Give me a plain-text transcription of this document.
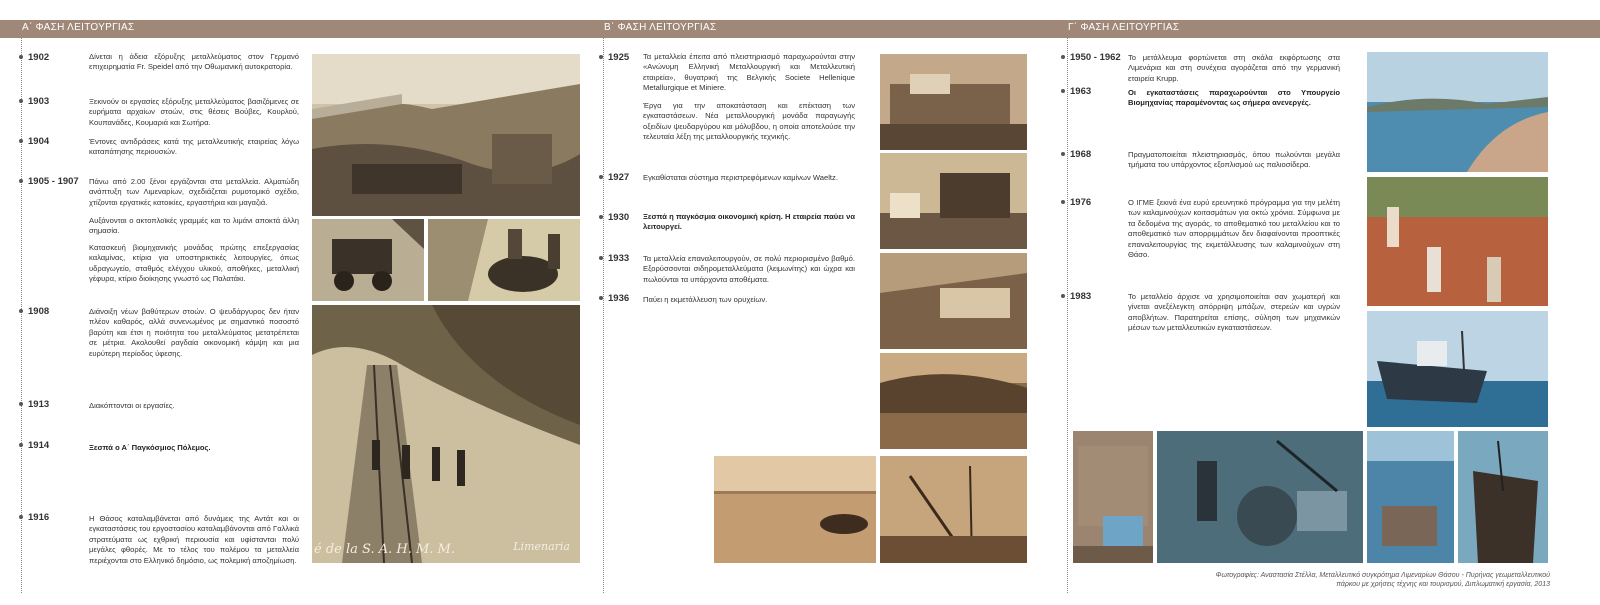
Α΄ ΦΑΣΗ ΛΕΙΤΟΥΡΓΙΑΣ	Β΄ ΦΑΣΗ ΛΕΙΤΟΥΡΓΙΑΣ	Γ΄ ΦΑΣΗ ΛΕΙΤΟΥΡΓΙΑΣ
1902	Δίνεται η άδεια εξόρυξης μεταλλεύματος στον Γερμανό επιχειρηματία Fr. Speidel από την Οθωμανική αυτοκρατορία.
1903	Ξεκινούν οι εργασίες εξόρυξης μεταλλεύματος βασιζόμενες σε ευρήματα αρχαίων στοών, στις θέσεις Βούβες, Κουρλού, Κουπανάδες, Κουμαριά και Σωτήρα.
1904	Έντονες αντιδράσεις κατά της μεταλλευτικής εταιρείας λόγω καταπάτησης περιουσιών.
1905 - 1907 Πάνω από 2.00 ξένοι εργάζονται στα μεταλλεία. Αλματώδη ανάπτυξη των Λιμεναρίων, σχεδιάζεται ρυμοτομικό σχέδιο, χτίζονται εργατικές κατοικίες, εργαστήρια και μαγαζιά.
Αυξάνονται ο ακτοπλοϊκές γραμμές και το λιμάνι αποκτά άλλη σημασία.
Κατασκευή βιομηχανικής μονάδας πρώτης επεξεργασίας καλαμίνας, κτίρια για υποστηρικτικές λειτουργίες, όπως υδραγωγείο, σταθμός ελέγχου υλικού, αποθήκες, μεταλλική γέφυρα, κτίριο διοίκησης γνωστό ως Παλατάκι.
1908	Διάνοιξη νέων βαθύτερων στοών. Ο ψευδάργυρος δεν ήταν πλέον καθαρός, αλλά συνενωμένος με σημαντικό ποσοστό βαρύτη και έτσι η ποιότητα του μεταλλεύματος μετατρέπεται σε μέτρια. Ακολουθεί ραγδαία οικονομική κάμψη και μια ευρύτερη περίοδος ύφεσης.
1913	Διακόπτονται οι εργασίες.
1914	Ξεσπά ο Α΄ Παγκόσμιος Πόλεμος.
1916	Η Θάσος καταλαμβάνεται από δυνάμεις της Αντάτ και οι εγκαταστάσεις του εργοστασίου καταλαμβάνονται από Γαλλικά στρατεύματα ως εχθρική περιουσία και υφίστανται πολύ μεγάλες φθορές. Με το τέλος του πολέμου τα μεταλλεία περιέχονται στο Ελληνικό δημόσιο, ως πολεμική αποζημίωση.
é de la S. A. H. M. M.	Limenaria
1925 Τα μεταλλεία έπειτα από πλειστηριασμό παραχωρούνται στην «Ανώνυμη Ελληνική Μεταλλουργική και Μεταλλευτική εταιρεία», θυγατρική της Βελγικής Societe Hellenique Metallurgique et Miniere.
Έργα για την αποκατάσταση και επέκταση των εγκαταστάσεων. Νέα μεταλλουργική μονάδα παραγωγής οξειδίων ψευδαργύρου και μόλυβδου, η οποία αποτελούσε την τελευταία λέξη της μεταλλουργικής τεχνικής.
1927 Εγκαθίσταται σύστημα περιστρεφόμενων καμίνων Waeltz.
1930 Ξεσπά η παγκόσμια οικονομική κρίση. Η εταιρεία παύει να λειτουργεί.
1933 Τα μεταλλεία επαναλειτουργούν, σε πολύ περιορισμένο βαθμό. Εξορύσσονται σιδηρομεταλλεύματα (λειμωνίτης) και ώχρα και πωλούνται τα υπάρχοντα αποθέματα.
1936 Παύει η εκμετάλλευση των ορυχείων.
1950 - 1962 Το μετάλλευμα φορτώνεται στη σκάλα εκφόρτωσης στα Λιμενάρια και στη συνέχεια αγοράζεται από την γερμανική εταιρεία Krupp.
1963	Οι εγκαταστάσεις παραχωρούνται στο Υπουργείο Βιομηχανίας παραμένοντας ως σήμερα ανενεργές.
1968	Πραγματοποιείται πλειστηριασμός, όπου πωλούνται μεγάλα τμήματα του υπάρχοντος εξοπλισμού ως παλιοσίδερα.
1976	Ο ΙΓΜΕ ξεκινά ένα ευρύ ερευνητικό πρόγραμμα για την μελέτη των καλαμινούχων κοιτασμάτων για οκτώ χρόνια. Σύμφωνα με τα δεδομένα της αγοράς, το αποθεματικό του μεταλλείου και το αποθεματικό των απορριμμάτων δεν διαφαίνονται προοπτικές επαναλειτουργίας της εκμετάλλευσης των καλαμινούχων στη Θάσο.
1983	Το μεταλλείο άρχισε να χρησιμοποιείται σαν χωματερή και γίνεται ανεξέλεγκτη απόρριψη μπάζων, στερεών και υγρών αποβλήτων. Παρατηρείται επίσης, σύληση των μηχανικών μέσων των μεταλλευτικών εγκαταστάσεων.
Φωτογραφίες: Αναστασία Στέλλα, Μεταλλευτικό συγκρότημα Λιμεναρίων Θάσου - Πυρήνας γεωμεταλλευτικού
πάρκου με χρήσεις τέχνης και τουρισμού, Διπλωματική εργασία, 2013
